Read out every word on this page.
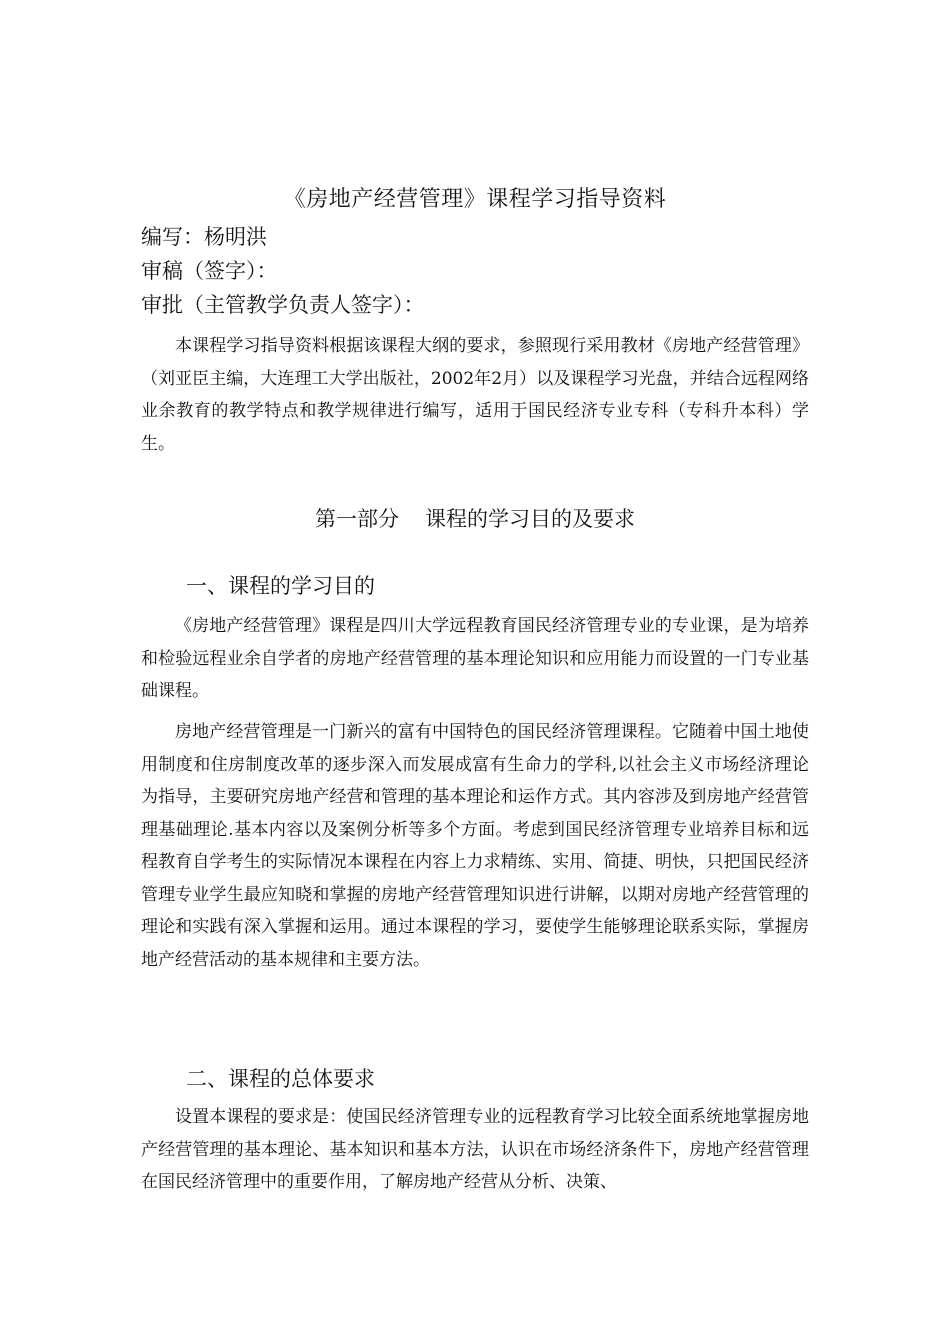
《房地产经营管理》课程学习指导资料
编写：杨明洪
审稿（签字）：
审批（主管教学负责人签字）：
本课程学习指导资料根据该课程大纲的要求，参照现行采用教材《房地产经营管理》（刘亚臣主编，大连理工大学出版社，2002年2月）以及课程学习光盘，并结合远程网络业余教育的教学特点和教学规律进行编写，适用于国民经济专业专科（专科升本科）学生。
第一部分 课程的学习目的及要求
一、课程的学习目的
《房地产经营管理》课程是四川大学远程教育国民经济管理专业的专业课，是为培养和检验远程业余自学者的房地产经营管理的基本理论知识和应用能力而设置的一门专业基础课程。
房地产经营管理是一门新兴的富有中国特色的国民经济管理课程。它随着中国土地使用制度和住房制度改革的逐步深入而发展成富有生命力的学科,以社会主义市场经济理论为指导，主要研究房地产经营和管理的基本理论和运作方式。其内容涉及到房地产经营管理基础理论.基本内容以及案例分析等多个方面。考虑到国民经济管理专业培养目标和远程教育自学考生的实际情况本课程在内容上力求精练、实用、简捷、明快，只把国民经济管理专业学生最应知晓和掌握的房地产经营管理知识进行讲解，以期对房地产经营管理的理论和实践有深入掌握和运用。通过本课程的学习，要使学生能够理论联系实际，掌握房地产经营活动的基本规律和主要方法。
二、课程的总体要求
设置本课程的要求是：使国民经济管理专业的远程教育学习比较全面系统地掌握房地产经营管理的基本理论、基本知识和基本方法，认识在市场经济条件下，房地产经营管理在国民经济管理中的重要作用，了解房地产经营从分析、决策、
